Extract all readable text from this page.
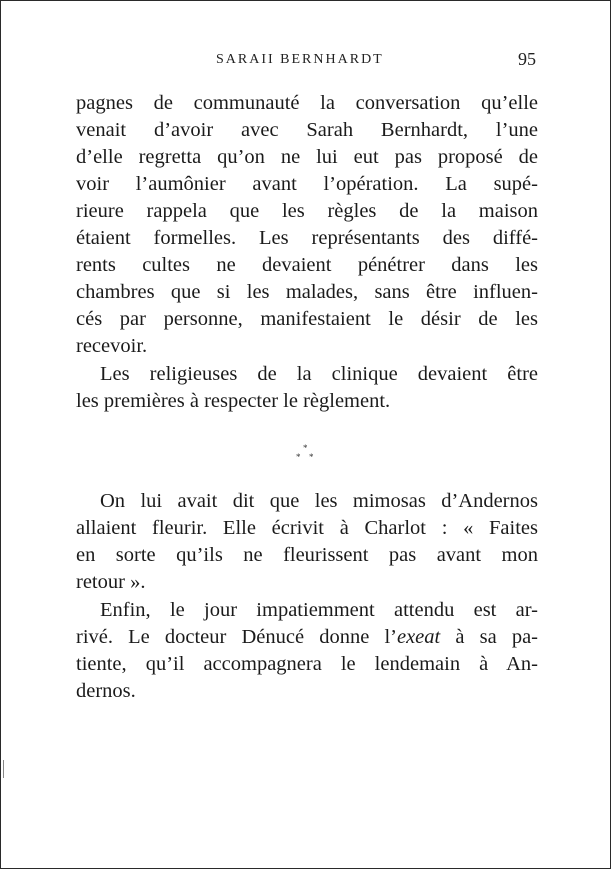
SARAII BERNHARDT	95
pagnes de communauté la conversation qu’elle
venait d’avoir avec Sarah Bernhardt, l’une
d’elle regretta qu’on ne lui eut pas proposé de
voir l’aumônier avant l’opération. La supé-
rieure rappela que les règles de la maison
étaient formelles. Les représentants des diffé-
rents cultes ne devaient pénétrer dans les
chambres que si les malades, sans être influen-
cés par personne, manifestaient le désir de les
recevoir.
Les religieuses de la clinique devaient être
les premières à respecter le règlement.
*
* *
On lui avait dit que les mimosas d’Andernos
allaient fleurir. Elle écrivit à Charlot : « Faites
en sorte qu’ils ne fleurissent pas avant mon
retour ».
Enfin, le jour impatiemment attendu est ar-
rivé. Le docteur Dénucé donne l’exeat à sa pa-
tiente, qu’il accompagnera le lendemain à An-
dernos.
